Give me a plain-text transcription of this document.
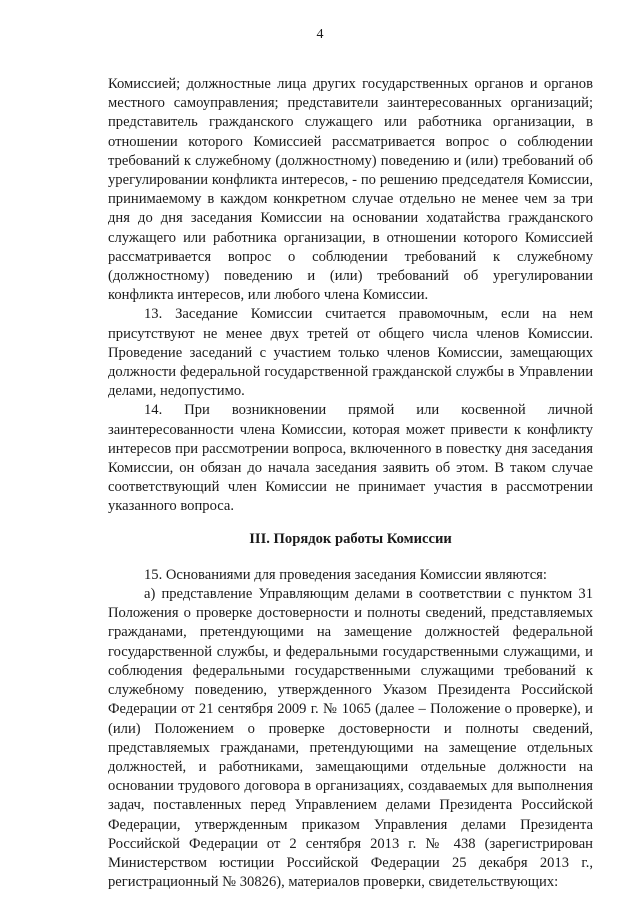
4

Комиссией; должностные лица других государственных органов и органов местного самоуправления; представители заинтересованных организаций; представитель гражданского служащего или работника организации, в отношении которого Комиссией рассматривается вопрос о соблюдении требований к служебному (должностному) поведению и (или) требований об урегулировании конфликта интересов, - по решению председателя Комиссии, принимаемому в каждом конкретном случае отдельно не менее чем за три дня до дня заседания Комиссии на основании ходатайства гражданского служащего или работника организации, в отношении которого Комиссией рассматривается вопрос о соблюдении требований к служебному (должностному) поведению и (или) требований об урегулировании конфликта интересов, или любого члена Комиссии.

13. Заседание Комиссии считается правомочным, если на нем присутствуют не менее двух третей от общего числа членов Комиссии. Проведение заседаний с участием только членов Комиссии, замещающих должности федеральной государственной гражданской службы в Управлении делами, недопустимо.

14. При возникновении прямой или косвенной личной заинтересованности члена Комиссии, которая может привести к конфликту интересов при рассмотрении вопроса, включенного в повестку дня заседания Комиссии, он обязан до начала заседания заявить об этом. В таком случае соответствующий член Комиссии не принимает участия в рассмотрении указанного вопроса.

III. Порядок работы Комиссии

15. Основаниями для проведения заседания Комиссии являются:

а) представление Управляющим делами в соответствии с пунктом 31 Положения о проверке достоверности и полноты сведений, представляемых гражданами, претендующими на замещение должностей федеральной государственной службы, и федеральными государственными служащими, и соблюдения федеральными государственными служащими требований к служебному поведению, утвержденного Указом Президента Российской Федерации от 21 сентября 2009 г. № 1065 (далее – Положение о проверке), и (или) Положением о проверке достоверности и полноты сведений, представляемых гражданами, претендующими на замещение отдельных должностей, и работниками, замещающими отдельные должности на основании трудового договора в организациях, создаваемых для выполнения задач, поставленных перед Управлением делами Президента Российской Федерации, утвержденным приказом Управления делами Президента Российской Федерации от 2 сентября 2013 г. № 438 (зарегистрирован Министерством юстиции Российской Федерации 25 декабря 2013 г., регистрационный № 30826), материалов проверки, свидетельствующих:
